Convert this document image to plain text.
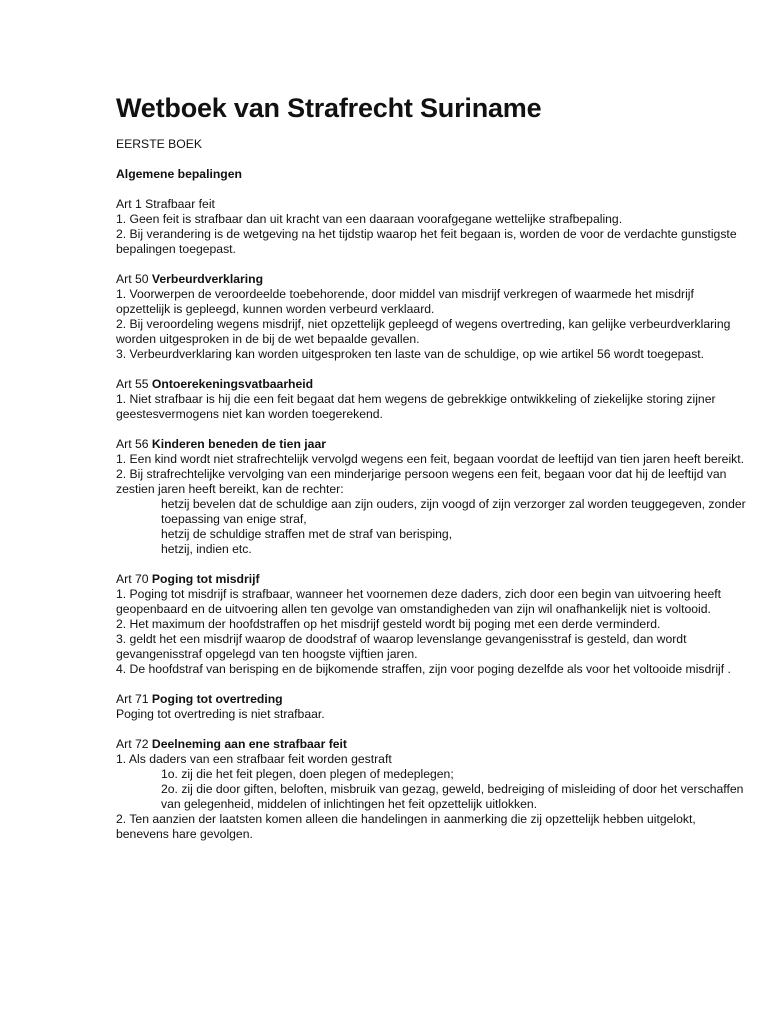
Wetboek van Strafrecht Suriname
EERSTE BOEK
Algemene bepalingen
Art 1 Strafbaar feit
1. Geen feit is strafbaar dan uit kracht van een daaraan voorafgegane wettelijke strafbepaling.
2. Bij verandering is de wetgeving na het tijdstip waarop het feit begaan is, worden de voor de verdachte gunstigste bepalingen toegepast.
Art 50 Verbeurdverklaring
1. Voorwerpen de veroordeelde toebehorende, door middel van misdrijf verkregen of waarmede het misdrijf opzettelijk is gepleegd, kunnen worden verbeurd verklaard.
2. Bij veroordeling wegens misdrijf, niet opzettelijk gepleegd of wegens overtreding, kan gelijke verbeurdverklaring worden uitgesproken in de bij de wet bepaalde gevallen.
3. Verbeurdverklaring kan worden uitgesproken ten laste van de schuldige, op wie artikel 56 wordt toegepast.
Art 55 Ontoerekeningsvatbaarheid
1. Niet strafbaar is hij die een feit begaat dat hem wegens de gebrekkige ontwikkeling of ziekelijke storing zijner geestesvermogens niet kan worden toegerekend.
Art 56 Kinderen beneden de tien jaar
1. Een kind wordt niet strafrechtelijk vervolgd wegens een feit, begaan voordat de leeftijd van tien jaren heeft bereikt.
2. Bij strafrechtelijke vervolging van een minderjarige persoon wegens een feit, begaan voor dat hij de leeftijd van zestien jaren heeft bereikt, kan de rechter:
hetzij bevelen dat de schuldige aan zijn ouders, zijn voogd of zijn verzorger zal worden teuggegeven, zonder toepassing van enige straf,
hetzij de schuldige straffen met de straf van berisping,
hetzij, indien etc.
Art 70 Poging tot misdrijf
1. Poging tot misdrijf is strafbaar, wanneer het voornemen deze daders, zich door een begin van uitvoering heeft geopenbaard en de uitvoering allen ten gevolge van omstandigheden van zijn wil onafhankelijk niet is voltooid.
2. Het maximum der hoofdstraffen op het misdrijf gesteld wordt bij poging met een derde verminderd.
3. geldt het een misdrijf waarop de doodstraf of waarop levenslange gevangenisstraf is gesteld, dan wordt gevangenisstraf opgelegd van ten hoogste vijftien jaren.
4. De hoofdstraf van berisping en de bijkomende straffen, zijn voor poging dezelfde als voor het voltooide misdrijf .
Art 71 Poging tot overtreding
Poging tot overtreding is niet strafbaar.
Art 72 Deelneming aan ene strafbaar feit
1. Als daders van een strafbaar feit worden gestraft
1o. zij die het feit plegen, doen plegen of medeplegen;
2o. zij die door giften, beloften, misbruik van gezag, geweld, bedreiging of misleiding of door het verschaffen van gelegenheid, middelen of inlichtingen het feit opzettelijk uitlokken.
2. Ten aanzien der laatsten komen alleen die handelingen in aanmerking die zij opzettelijk hebben uitgelokt, benevens hare gevolgen.
